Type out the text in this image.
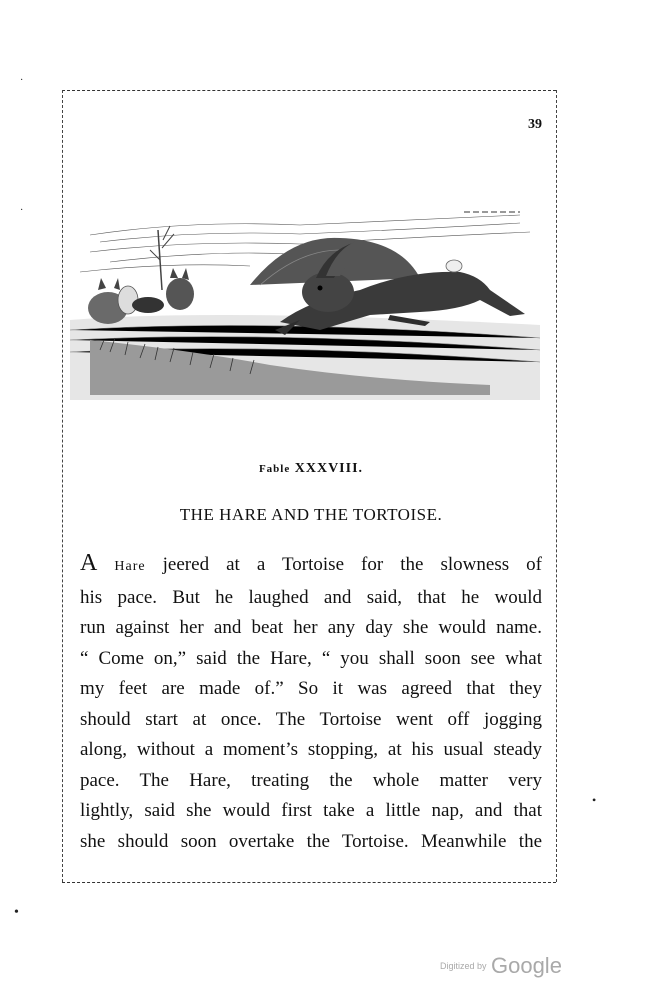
·
·
•
•
39
Fable XXXVIII.
THE HARE AND THE TORTOISE.
A Hare jeered at a Tortoise for the slowness of
his pace. But he laughed and said, that he would
run against her and beat her any day she would name.
“ Come on,” said the Hare, “ you shall soon see what
my feet are made of.” So it was agreed that they
should start at once. The Tortoise went off jogging
along, without a moment’s stopping, at his usual steady
pace. The Hare, treating the whole matter very
lightly, said she would first take a little nap, and that
she should soon overtake the Tortoise. Meanwhile the
$^{Digitized by}$ Google
